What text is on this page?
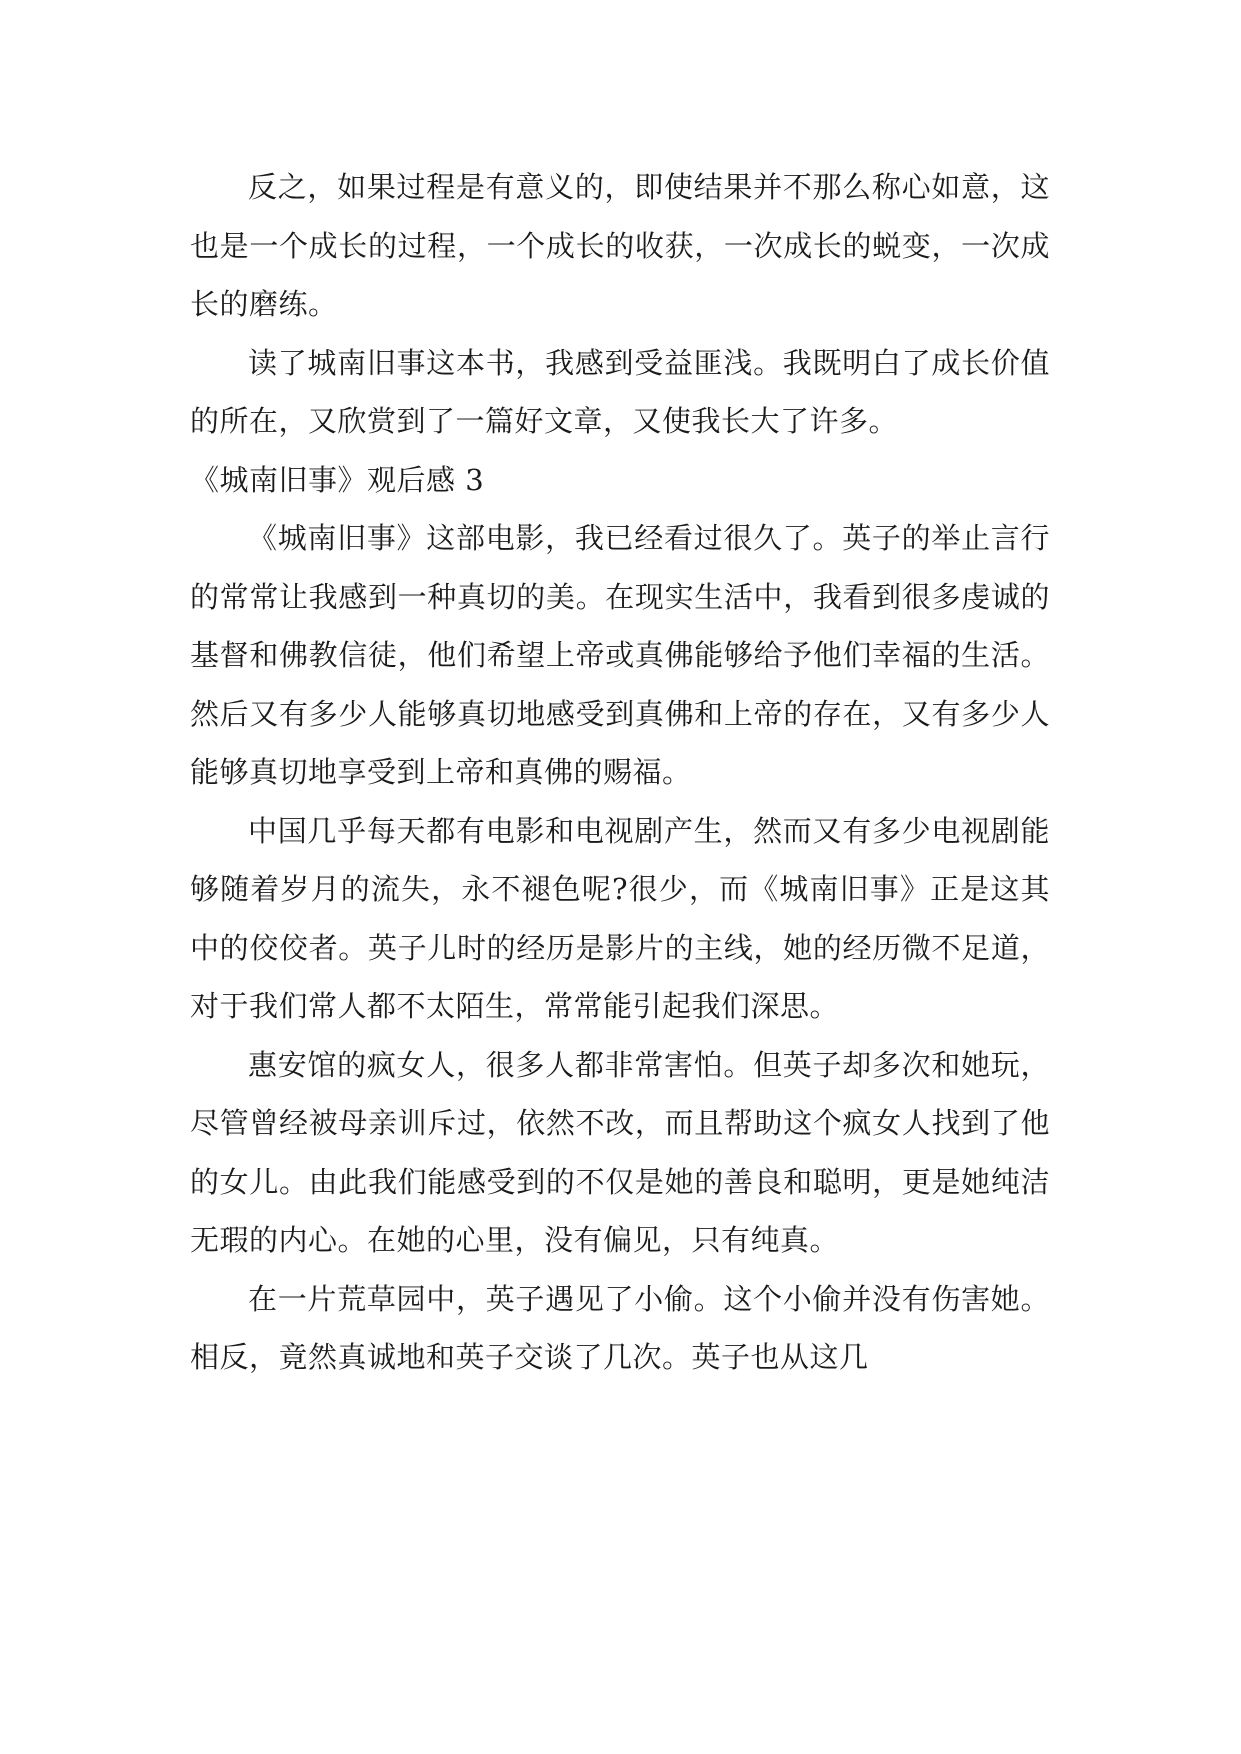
反之，如果过程是有意义的，即使结果并不那么称心如意，这也是一个成长的过程，一个成长的收获，一次成长的蜕变，一次成长的磨练。

读了城南旧事这本书，我感到受益匪浅。我既明白了成长价值的所在，又欣赏到了一篇好文章，又使我长大了许多。

《城南旧事》观后感 3

《城南旧事》这部电影，我已经看过很久了。英子的举止言行的常常让我感到一种真切的美。在现实生活中，我看到很多虔诚的基督和佛教信徒，他们希望上帝或真佛能够给予他们幸福的生活。然后又有多少人能够真切地感受到真佛和上帝的存在，又有多少人能够真切地享受到上帝和真佛的赐福。

中国几乎每天都有电影和电视剧产生，然而又有多少电视剧能够随着岁月的流失，永不褪色呢?很少，而《城南旧事》正是这其中的佼佼者。英子儿时的经历是影片的主线，她的经历微不足道，对于我们常人都不太陌生，常常能引起我们深思。

惠安馆的疯女人，很多人都非常害怕。但英子却多次和她玩，尽管曾经被母亲训斥过，依然不改，而且帮助这个疯女人找到了他的女儿。由此我们能感受到的不仅是她的善良和聪明，更是她纯洁无瑕的内心。在她的心里，没有偏见，只有纯真。

在一片荒草园中，英子遇见了小偷。这个小偷并没有伤害她。相反，竟然真诚地和英子交谈了几次。英子也从这几
